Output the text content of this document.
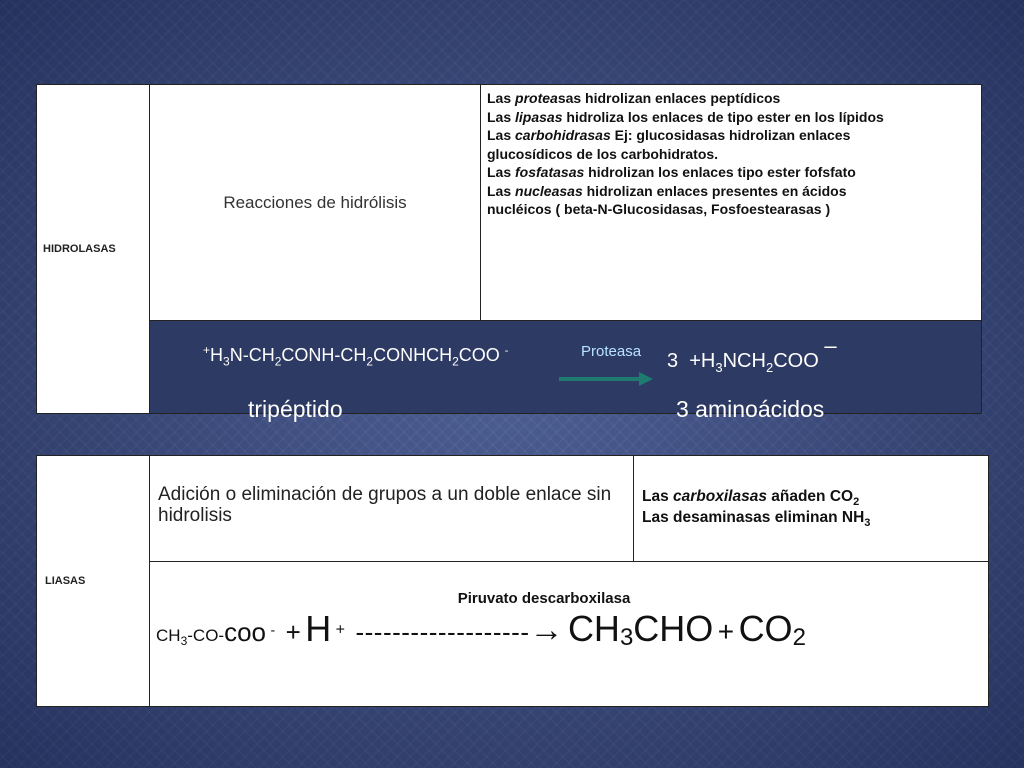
HIDROLASAS
Reacciones de hidrólisis
Las proteasas hidrolizan enlaces peptídicos
Las lipasas hidroliza los enlaces de tipo ester en los lípidos
Las carbohidrasas Ej: glucosidasas hidrolizan enlaces
glucosídicos de los carbohidratos.
Las fosfatasas hidrolizan los enlaces tipo ester fofsfato
Las nucleasas hidrolizan enlaces presentes en ácidos
nucléicos ( beta-N-Glucosidasas, Fosfoestearasas )
$^+H_3N-CH_2CONH-CH_2CONHCH_2COO$ -	Proteasa $3 +H_3NCH_2COO$ –
tripéptido	3 aminoácidos
LIASAS
Adición o eliminación de grupos a un doble enlace sin hidrolisis
Las carboxilasas añaden $CO_2$
Las desaminasas eliminan $NH_3$
Piruvato descarboxilasa
$CH_3-CO$-coo - + H + -------------------→ $CH_3CHO + CO_2$
